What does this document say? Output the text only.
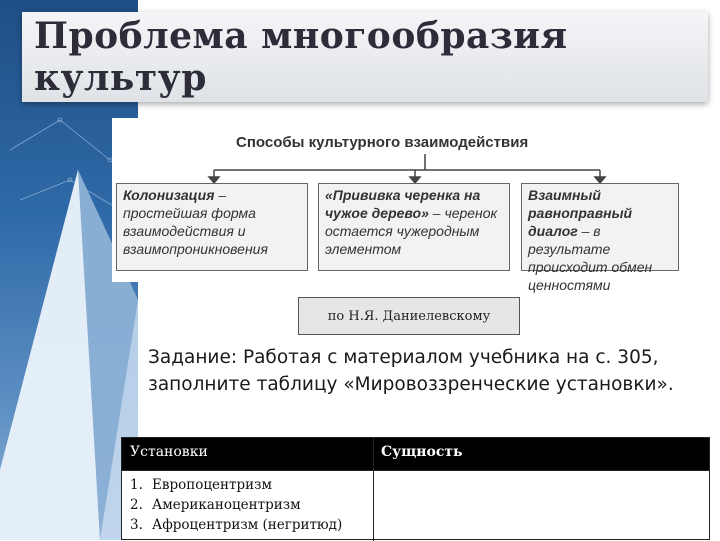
Проблема многообразия культур
Способы культурного взаимодействия
Колонизация – простейшая форма взаимодействия и взаимопроникновения
«Прививка черенка на чужое дерево» – черенок остается чужеродным элементом
Взаимный равноправный диалог – в результате происходит обмен ценностями
по Н.Я. Даниелевскому
Задание: Работая с материалом учебника на с. 305, заполните таблицу «Мировоззренческие установки».
Установки	Сущность
1. Европоцентризм
2. Американоцентризм
3. Афроцентризм (негритюд)
